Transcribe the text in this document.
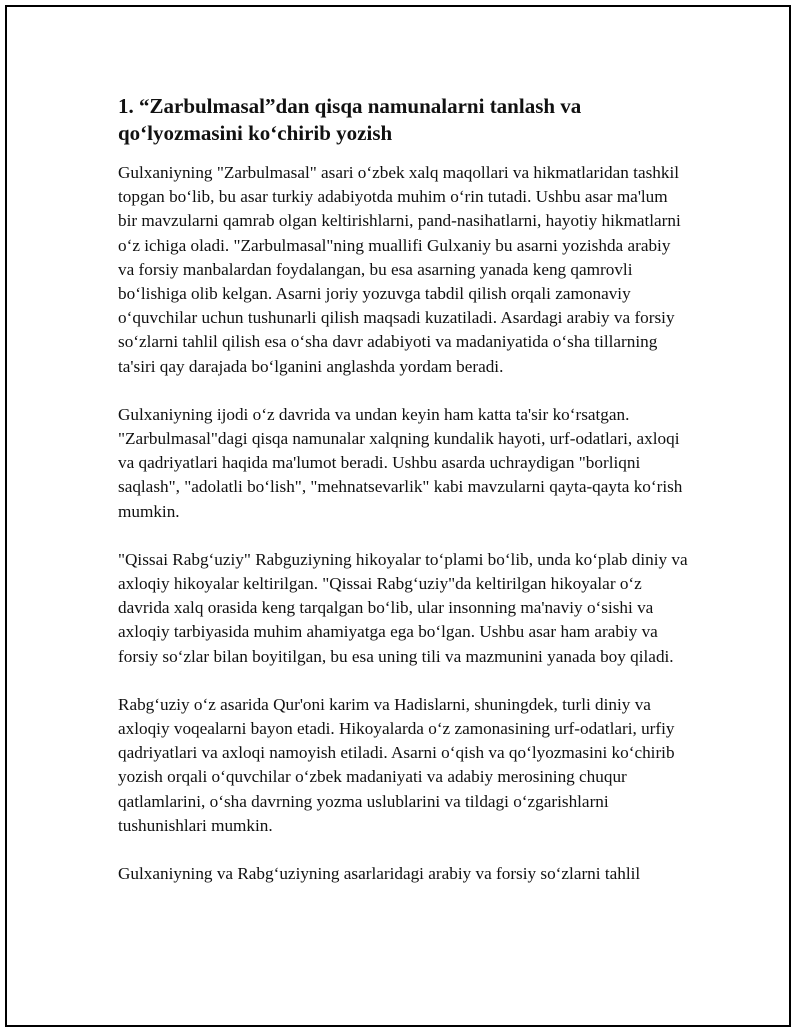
1. “Zarbulmasal”dan qisqa namunalarni tanlash va qo‘lyozmasini ko‘chirib yozish

Gulxaniyning "Zarbulmasal" asari o‘zbek xalq maqollari va hikmatlaridan tashkil topgan bo‘lib, bu asar turkiy adabiyotda muhim o‘rin tutadi. Ushbu asar ma'lum bir mavzularni qamrab olgan keltirishlarni, pand-nasihatlarni, hayotiy hikmatlarni o‘z ichiga oladi. "Zarbulmasal"ning muallifi Gulxaniy bu asarni yozishda arabiy va forsiy manbalardan foydalangan, bu esa asarning yanada keng qamrovli bo‘lishiga olib kelgan. Asarni joriy yozuvga tabdil qilish orqali zamonaviy o‘quvchilar uchun tushunarli qilish maqsadi kuzatiladi. Asardagi arabiy va forsiy so‘zlarni tahlil qilish esa o‘sha davr adabiyoti va madaniyatida o‘sha tillarning ta'siri qay darajada bo‘lganini anglashda yordam beradi.

Gulxaniyning ijodi o‘z davrida va undan keyin ham katta ta'sir ko‘rsatgan. "Zarbulmasal"dagi qisqa namunalar xalqning kundalik hayoti, urf-odatlari, axloqi va qadriyatlari haqida ma'lumot beradi. Ushbu asarda uchraydigan "borliqni saqlash", "adolatli bo‘lish", "mehnatsevarlik" kabi mavzularni qayta-qayta ko‘rish mumkin.

"Qissai Rabg‘uziy" Rabguziyning hikoyalar to‘plami bo‘lib, unda ko‘plab diniy va axloqiy hikoyalar keltirilgan. "Qissai Rabg‘uziy"da keltirilgan hikoyalar o‘z davrida xalq orasida keng tarqalgan bo‘lib, ular insonning ma'naviy o‘sishi va axloqiy tarbiyasida muhim ahamiyatga ega bo‘lgan. Ushbu asar ham arabiy va forsiy so‘zlar bilan boyitilgan, bu esa uning tili va mazmunini yanada boy qiladi.

Rabg‘uziy o‘z asarida Qur'oni karim va Hadislarni, shuningdek, turli diniy va axloqiy voqealarni bayon etadi. Hikoyalarda o‘z zamonasining urf-odatlari, urfiy qadriyatlari va axloqi namoyish etiladi. Asarni o‘qish va qo‘lyozmasini ko‘chirib yozish orqali o‘quvchilar o‘zbek madaniyati va adabiy merosining chuqur qatlamlarini, o‘sha davrning yozma uslublarini va tildagi o‘zgarishlarni tushunishlari mumkin.

Gulxaniyning va Rabg‘uziyning asarlaridagi arabiy va forsiy so‘zlarni tahlil
